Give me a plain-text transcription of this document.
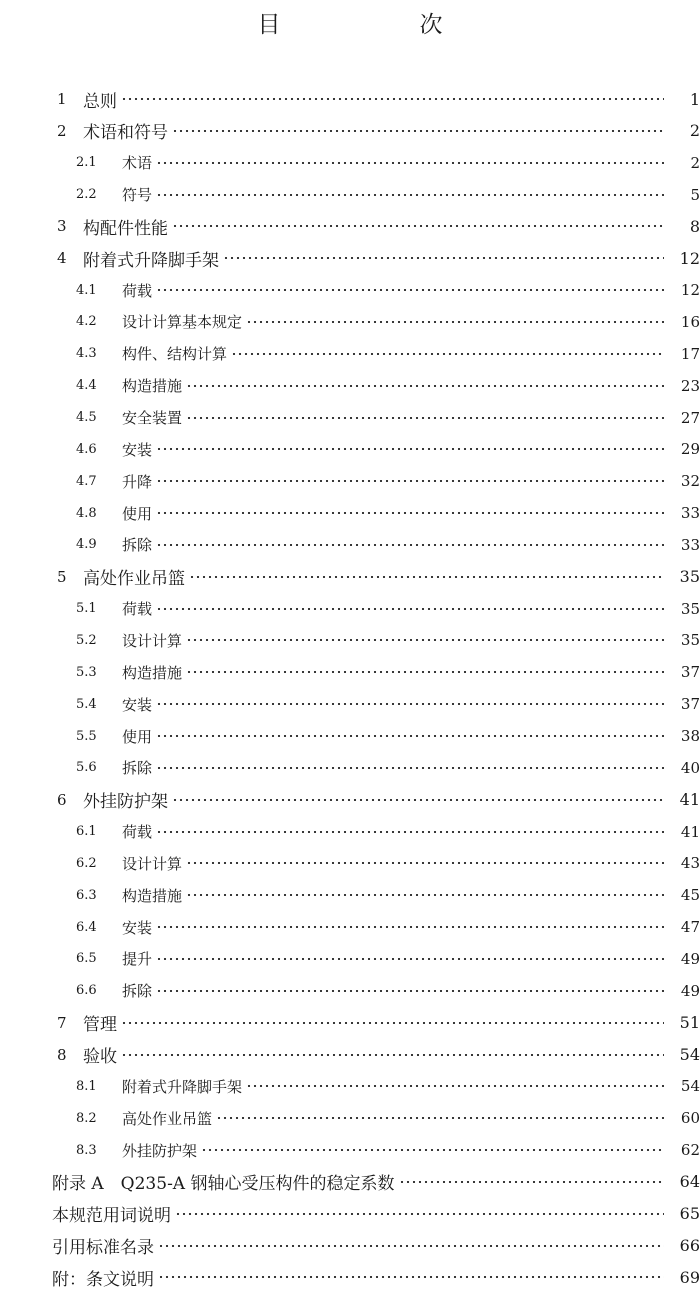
目　次
1 总则	1
2 术语和符号	2
2.1	术语	2
2.2	符号	5
3 构配件性能	8
4 附着式升降脚手架	12
4.1	荷载	12
4.2	设计计算基本规定	16
4.3	构件、结构计算	17
4.4	构造措施	23
4.5	安全装置	27
4.6	安装	29
4.7	升降	32
4.8	使用	33
4.9	拆除	33
5 高处作业吊篮	35
5.1	荷载	35
5.2	设计计算	35
5.3	构造措施	37
5.4	安装	37
5.5	使用	38
5.6	拆除	40
6 外挂防护架	41
6.1	荷载	41
6.2	设计计算	43
6.3	构造措施	45
6.4	安装	47
6.5	提升	49
6.6	拆除	49
7 管理	51
8 验收	54
8.1	附着式升降脚手架	54
8.2	高处作业吊篮	60
8.3	外挂防护架	62
附录 A　Q235-A 钢轴心受压构件的稳定系数	64
本规范用词说明	65
引用标准名录	66
附：条文说明	69
